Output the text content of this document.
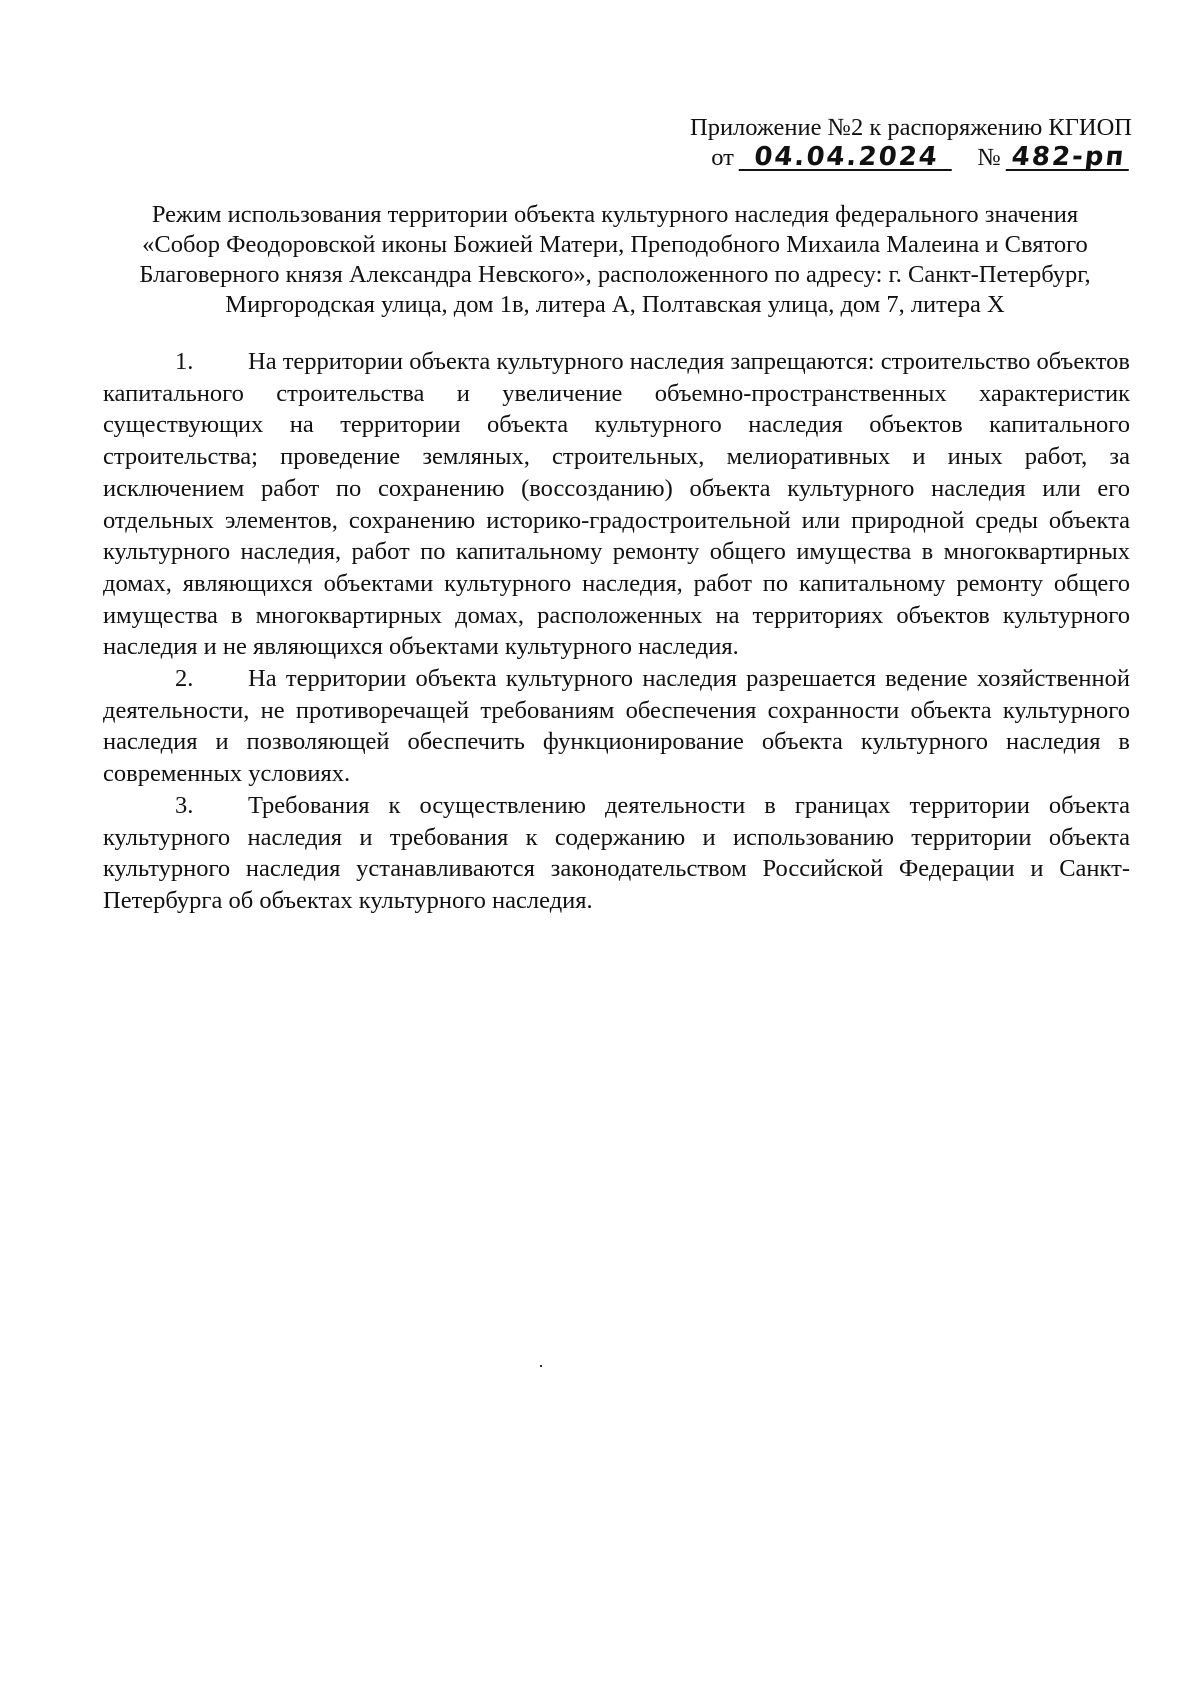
Приложение №2 к распоряжению КГИОП
от 04.04.2024 № 482-рп
Режим использования территории объекта культурного наследия федерального значения
«Собор Феодоровской иконы Божией Матери, Преподобного Михаила Малеина и Святого
Благоверного князя Александра Невского», расположенного по адресу: г. Санкт-Петербург,
Миргородская улица, дом 1в, литера А, Полтавская улица, дом 7, литера Х

1. На территории объекта культурного наследия запрещаются: строительство объектов капитального строительства и увеличение объемно-пространственных характеристик существующих на территории объекта культурного наследия объектов капитального строительства; проведение земляных, строительных, мелиоративных и иных работ, за исключением работ по сохранению (воссозданию) объекта культурного наследия или его отдельных элементов, сохранению историко-градостроительной или природной среды объекта культурного наследия, работ по капитальному ремонту общего имущества в многоквартирных домах, являющихся объектами культурного наследия, работ по капитальному ремонту общего имущества в многоквартирных домах, расположенных на территориях объектов культурного наследия и не являющихся объектами культурного наследия.

2. На территории объекта культурного наследия разрешается ведение хозяйственной деятельности, не противоречащей требованиям обеспечения сохранности объекта культурного наследия и позволяющей обеспечить функционирование объекта культурного наследия в современных условиях.

3. Требования к осуществлению деятельности в границах территории объекта культурного наследия и требования к содержанию и использованию территории объекта культурного наследия устанавливаются законодательством Российской Федерации и Санкт-Петербурга об объектах культурного наследия.
